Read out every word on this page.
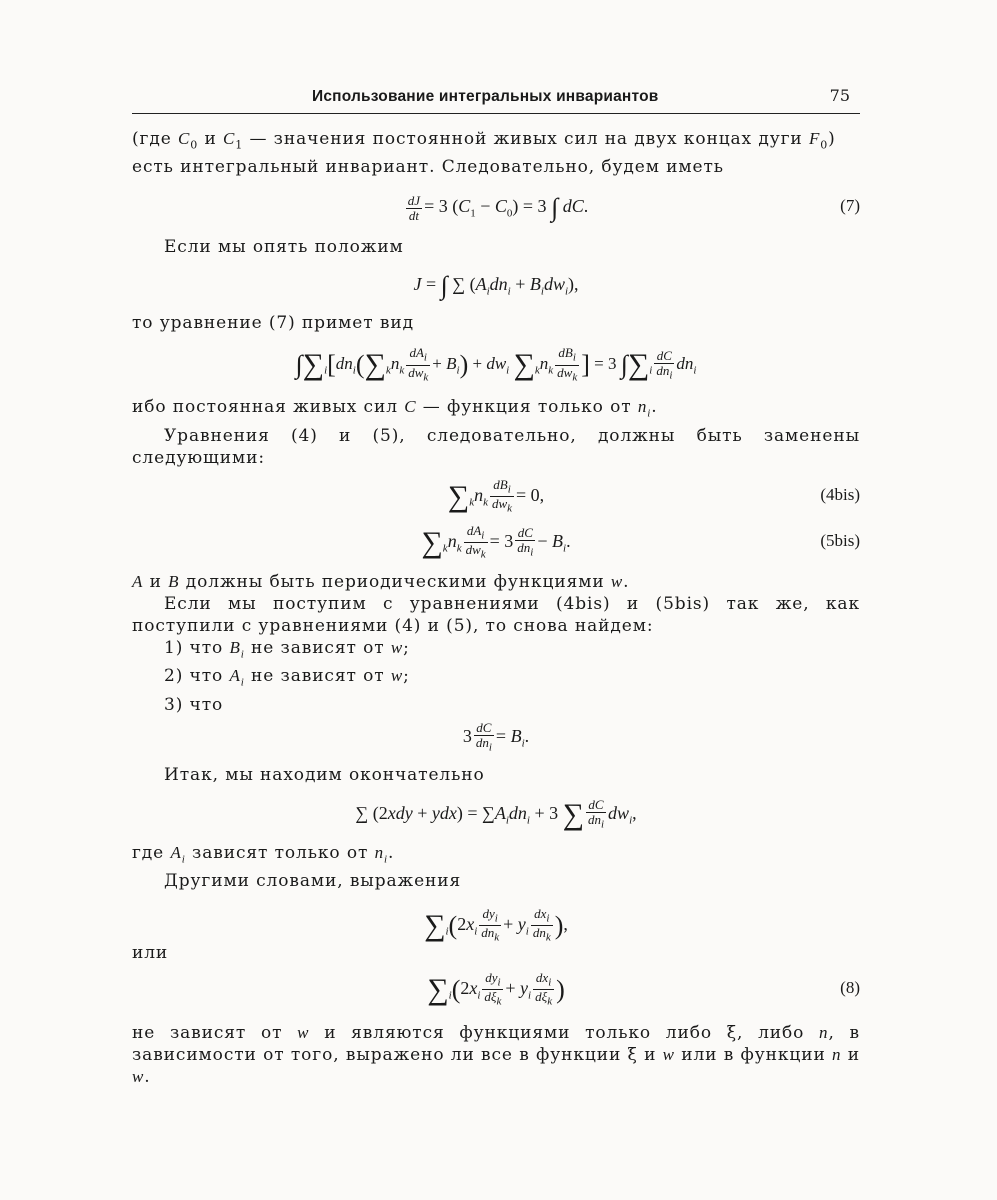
Использование интегральных инвариантов	75

(где $C_0$ и $C_1$ — значения постоянной живых сил на двух концах дуги $F_0$)

есть интегральный инвариант. Следовательно, будем иметь

$\frac{dJ}{dt} = 3$ $(C_1 - C_0) = 3$ ∫ dC.	(7)

Если мы опять положим

J = ∫ ∑ $(A_idn_i + B_idw_i)$,

то уравнение (7) примет вид

$\int\sum_i[dn_i(\sum_kn_k \frac{dA_i}{dw_k} + B_i) + dw_i$ $\sum_kn_k \frac{dB_i}{dw_k}$ ] = 3 $\int\sum_i \frac{dC}{dn_i} dn_i$

ибо постоянная живых сил C — функция только от $n_i$.

Уравнения (4) и (5), следовательно, должны быть заменены следующими:

$\sum_kn_k \frac{dB_i}{dw_k} = 0$,	(4bis)
$\sum_kn_k \frac{dA_i}{dw_k} = 3 \frac{dC}{dn_i} - B_i$.	(5bis)

A и B должны быть периодическими функциями w.

Если мы поступим с уравнениями (4bis) и (5bis) так же, как поступили с уравнениями (4) и (5), то снова найдем:

1) что $B_i$ не зависят от w;

2) что $A_i$ не зависят от w;

3) что

$3 \frac{dC}{dn_i} = B_i$.

Итак, мы находим окончательно

∑ $(2xdy + ydx) = \sum A_idn_i + 3$ ∑ $\frac{dC}{dn_i} dw_i$,

где $A_i$ зависят только от $n_i$.

Другими словами, выражения

$\sum_i(2x_i \frac{dy_i}{dn_k} + y_i \frac{dx_i}{dn_k}$ ),

или

$\sum_i(2x_i \frac{dy_i}{d\xi_k} + y_i \frac{dx_i}{d\xi_k}$ )	(8)

не зависят от w и являются функциями только либо ξ, либо n, в зависимости от того, выражено ли все в функции ξ и w или в функции n и w.
